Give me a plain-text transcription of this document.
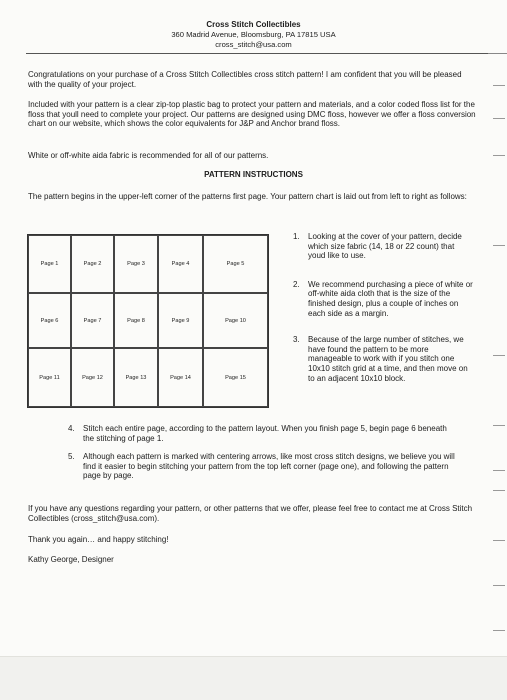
Cross Stitch Collectibles
360 Madrid Avenue, Bloomsburg, PA 17815 USA
cross_stitch@usa.com

Congratulations on your purchase of a Cross Stitch Collectibles cross stitch pattern! I am confident that you will be pleased with the quality of your project.

Included with your pattern is a clear zip-top plastic bag to protect your pattern and materials, and a color coded floss list for the floss that youll need to complete your project. Our patterns are designed using DMC floss, however we offer a floss conversion chart on our website, which shows the color equivalents for J&P and Anchor brand floss.

White or off-white aida fabric is recommended for all of our patterns.

PATTERN INSTRUCTIONS

The pattern begins in the upper-left corner of the patterns first page. Your pattern chart is laid out from left to right as follows:

Page 1	Page 2	Page 3	Page 4	Page 5
Page 6	Page 7	Page 8	Page 9	Page 10
Page 11	Page 12	Page 13	Page 14	Page 15
1. Looking at the cover of your pattern, decide which size fabric (14, 18 or 22 count) that youd like to use.
2. We recommend purchasing a piece of white or off-white aida cloth that is the size of the finished design, plus a couple of inches on each side as a margin.
3. Because of the large number of stitches, we have found the pattern to be more manageable to work with if you stitch one 10x10 stitch grid at a time, and then move on to an adjacent 10x10 block.
4. Stitch each entire page, according to the pattern layout. When you finish page 5, begin page 6 beneath the stitching of page 1.
5. Although each pattern is marked with centering arrows, like most cross stitch designs, we believe you will find it easier to begin stitching your pattern from the top left corner (page one), and following the pattern page by page.

If you have any questions regarding your pattern, or other patterns that we offer, please feel free to contact me at Cross Stitch Collectibles (cross_stitch@usa.com).

Thank you again… and happy stitching!

Kathy George, Designer
